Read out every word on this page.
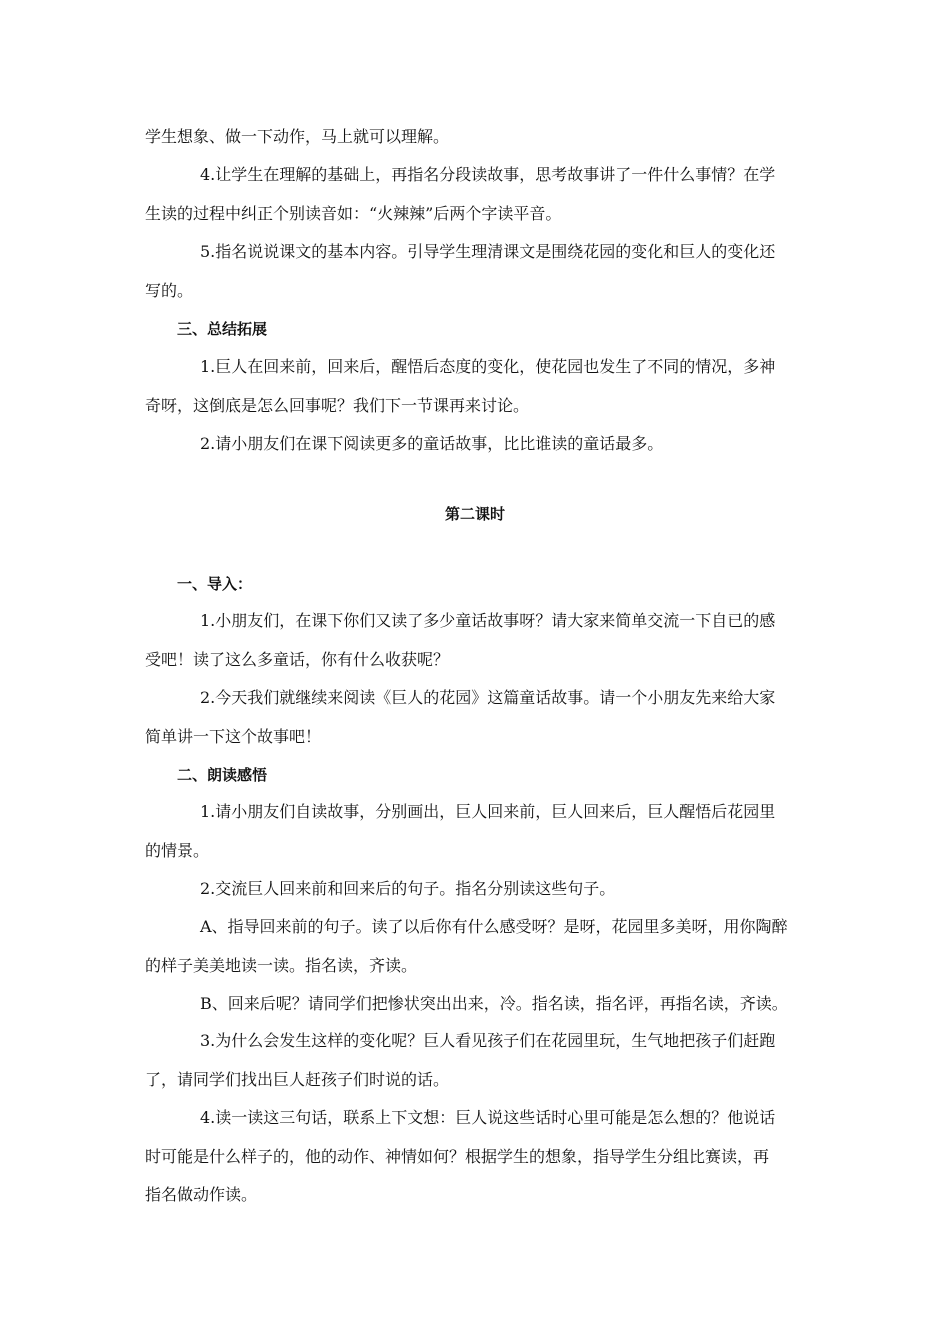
学生想象、做一下动作，马上就可以理解。
4.让学生在理解的基础上，再指名分段读故事，思考故事讲了一件什么事情？在学
生读的过程中纠正个别读音如：“火辣辣”后两个字读平音。
5.指名说说课文的基本内容。引导学生理清课文是围绕花园的变化和巨人的变化还
写的。
三、总结拓展
1.巨人在回来前，回来后，醒悟后态度的变化，使花园也发生了不同的情况，多神
奇呀，这倒底是怎么回事呢？我们下一节课再来讨论。
2.请小朋友们在课下阅读更多的童话故事，比比谁读的童话最多。
第二课时
一、导入：
1.小朋友们，在课下你们又读了多少童话故事呀？请大家来简单交流一下自已的感
受吧！读了这么多童话，你有什么收获呢？
2.今天我们就继续来阅读《巨人的花园》这篇童话故事。请一个小朋友先来给大家
简单讲一下这个故事吧！
二、朗读感悟
1.请小朋友们自读故事，分别画出，巨人回来前，巨人回来后，巨人醒悟后花园里
的情景。
2.交流巨人回来前和回来后的句子。指名分别读这些句子。
A、指导回来前的句子。读了以后你有什么感受呀？是呀，花园里多美呀，用你陶醉
的样子美美地读一读。指名读，齐读。
B、回来后呢？请同学们把惨状突出出来，冷。指名读，指名评，再指名读，齐读。
3.为什么会发生这样的变化呢？巨人看见孩子们在花园里玩，生气地把孩子们赶跑
了，请同学们找出巨人赶孩子们时说的话。
4.读一读这三句话，联系上下文想：巨人说这些话时心里可能是怎么想的？他说话
时可能是什么样子的，他的动作、神情如何？根据学生的想象，指导学生分组比赛读，再
指名做动作读。
